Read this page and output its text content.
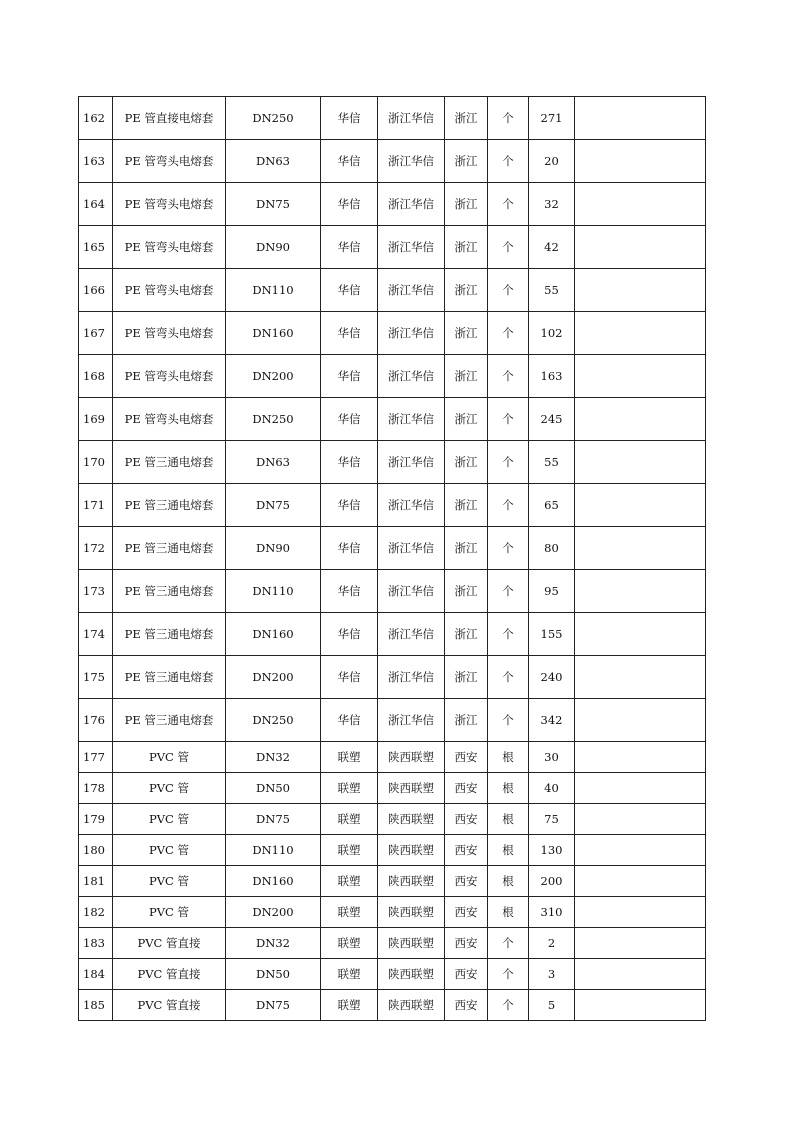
162	PE 管直接电熔套	DN250	华信	浙江华信	浙江	个	271	
163	PE 管弯头电熔套	DN63	华信	浙江华信	浙江	个	20	
164	PE 管弯头电熔套	DN75	华信	浙江华信	浙江	个	32	
165	PE 管弯头电熔套	DN90	华信	浙江华信	浙江	个	42	
166	PE 管弯头电熔套	DN110	华信	浙江华信	浙江	个	55	
167	PE 管弯头电熔套	DN160	华信	浙江华信	浙江	个	102	
168	PE 管弯头电熔套	DN200	华信	浙江华信	浙江	个	163	
169	PE 管弯头电熔套	DN250	华信	浙江华信	浙江	个	245	
170	PE 管三通电熔套	DN63	华信	浙江华信	浙江	个	55	
171	PE 管三通电熔套	DN75	华信	浙江华信	浙江	个	65	
172	PE 管三通电熔套	DN90	华信	浙江华信	浙江	个	80	
173	PE 管三通电熔套	DN110	华信	浙江华信	浙江	个	95	
174	PE 管三通电熔套	DN160	华信	浙江华信	浙江	个	155	
175	PE 管三通电熔套	DN200	华信	浙江华信	浙江	个	240	
176	PE 管三通电熔套	DN250	华信	浙江华信	浙江	个	342	
177	PVC 管	DN32	联塑	陕西联塑	西安	根	30	
178	PVC 管	DN50	联塑	陕西联塑	西安	根	40	
179	PVC 管	DN75	联塑	陕西联塑	西安	根	75	
180	PVC 管	DN110	联塑	陕西联塑	西安	根	130	
181	PVC 管	DN160	联塑	陕西联塑	西安	根	200	
182	PVC 管	DN200	联塑	陕西联塑	西安	根	310	
183	PVC 管直接	DN32	联塑	陕西联塑	西安	个	2	
184	PVC 管直接	DN50	联塑	陕西联塑	西安	个	3	
185	PVC 管直接	DN75	联塑	陕西联塑	西安	个	5	
